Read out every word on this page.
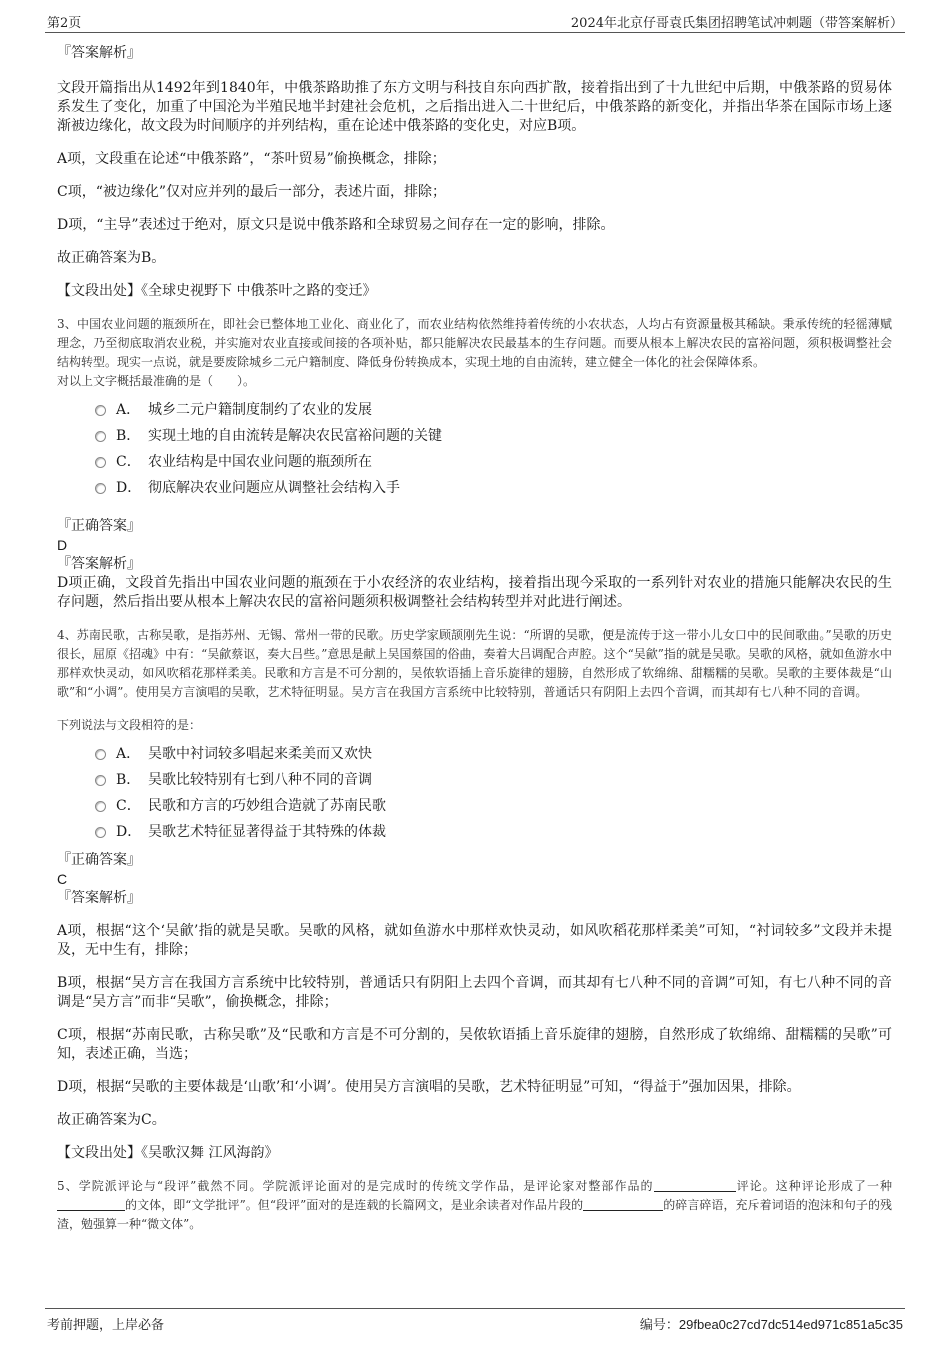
第2页	2024年北京仔哥袁氏集团招聘笔试冲刺题（带答案解析）

『答案解析』

文段开篇指出从1492年到1840年，中俄茶路助推了东方文明与科技自东向西扩散，接着指出到了十九世纪中后期，中俄茶路的贸易体系发生了变化，加重了中国沦为半殖民地半封建社会危机，之后指出进入二十世纪后，中俄茶路的新变化，并指出华茶在国际市场上逐渐被边缘化，故文段为时间顺序的并列结构，重在论述中俄茶路的变化史，对应B项。

A项，文段重在论述“中俄茶路”，“茶叶贸易”偷换概念，排除；

C项，“被边缘化”仅对应并列的最后一部分，表述片面，排除；

D项，“主导”表述过于绝对，原文只是说中俄茶路和全球贸易之间存在一定的影响，排除。

故正确答案为B。

【文段出处】《全球史视野下 中俄茶叶之路的变迁》

3、中国农业问题的瓶颈所在，即社会已整体地工业化、商业化了，而农业结构依然维持着传统的小农状态，人均占有资源量极其稀缺。秉承传统的轻徭薄赋理念，乃至彻底取消农业税，并实施对农业直接或间接的各项补贴，都只能解决农民最基本的生存问题。而要从根本上解决农民的富裕问题，须积极调整社会结构转型。现实一点说，就是要废除城乡二元户籍制度、降低身份转换成本，实现土地的自由流转，建立健全一体化的社会保障体系。

对以上文字概括最准确的是（　　）。

A． 城乡二元户籍制度制约了农业的发展
B． 实现土地的自由流转是解决农民富裕问题的关键
C． 农业结构是中国农业问题的瓶颈所在
D． 彻底解决农业问题应从调整社会结构入手

『正确答案』

D

『答案解析』

D项正确，文段首先指出中国农业问题的瓶颈在于小农经济的农业结构，接着指出现今采取的一系列针对农业的措施只能解决农民的生存问题，然后指出要从根本上解决农民的富裕问题须积极调整社会结构转型并对此进行阐述。

4、苏南民歌，古称吴歌，是指苏州、无锡、常州一带的民歌。历史学家顾颉刚先生说：“所谓的吴歌，便是流传于这一带小儿女口中的民间歌曲。”吴歌的历史很长，屈原《招魂》中有：“吴歈蔡讴，奏大吕些。”意思是献上吴国蔡国的俗曲，奏着大吕调配合声腔。这个“吴歈”指的就是吴歌。吴歌的风格，就如鱼游水中那样欢快灵动，如风吹稻花那样柔美。民歌和方言是不可分割的，吴侬软语插上音乐旋律的翅膀，自然形成了软绵绵、甜糯糯的吴歌。吴歌的主要体裁是“山歌”和“小调”。使用吴方言演唱的吴歌，艺术特征明显。吴方言在我国方言系统中比较特别，普通话只有阴阳上去四个音调，而其却有七八种不同的音调。

下列说法与文段相符的是：

A． 吴歌中衬词较多唱起来柔美而又欢快
B． 吴歌比较特别有七到八种不同的音调
C． 民歌和方言的巧妙组合造就了苏南民歌
D． 吴歌艺术特征显著得益于其特殊的体裁

『正确答案』

C

『答案解析』

A项，根据“这个‘吴歈’指的就是吴歌。吴歌的风格，就如鱼游水中那样欢快灵动，如风吹稻花那样柔美”可知，“衬词较多”文段并未提及，无中生有，排除；

B项，根据“吴方言在我国方言系统中比较特别，普通话只有阴阳上去四个音调，而其却有七八种不同的音调”可知，有七八种不同的音调是“吴方言”而非“吴歌”，偷换概念，排除；

C项，根据“苏南民歌，古称吴歌”及“民歌和方言是不可分割的，吴侬软语插上音乐旋律的翅膀，自然形成了软绵绵、甜糯糯的吴歌”可知，表述正确，当选；

D项，根据“吴歌的主要体裁是‘山歌’和‘小调’。使用吴方言演唱的吴歌，艺术特征明显”可知，“得益于”强加因果，排除。

故正确答案为C。

【文段出处】《吴歌汉舞 江风海韵》

5、学院派评论与“段评”截然不同。学院派评论面对的是完成时的传统文学作品，是评论家对整部作品的	评论。这种评论形成了一种的文体，即“文学批评”。但“段评”面对的是连载的长篇网文，是业余读者对作品片段的	的碎言碎语，充斥着词语的泡沫和句子的残渣，勉强算一种“微文体”。

考前押题，上岸必备	编号：29fbea0c27cd7dc514ed971c851a5c35
